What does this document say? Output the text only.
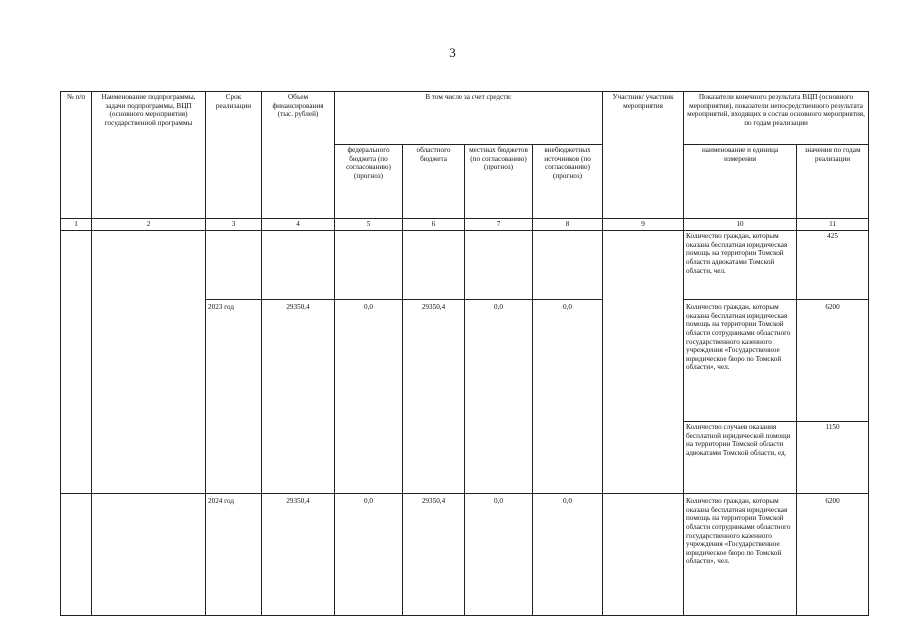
3
№ п/п	Наименование подпрограммы, задачи подпрограммы, ВЦП (основного мероприятия) государственной программы	Срок реализации	Объем финансирования (тыс. рублей)	В том числе за счет средств:				Участник/ участник мероприятия	Показатели конечного результата ВЦП (основного мероприятия), показатели непосредственного результата мероприятий, входящих в состав основного мероприятия, по годам реализации	
				федерального бюджета (по согласованию) (прогноз)	областного бюджета	местных бюджетов (по согласованию) (прогноз)	внебюджетных источников (по согласованию) (прогноз)		наименование и единица измерения	значения по годам реализации
1	2	3	4	5	6	7	8	9	10	11
									Количество граждан, которым оказана бесплатная юридическая помощь на территории Томской области адвокатами Томской области, чел.	425
		2023 год	29350,4	0,0	29350,4	0,0	0,0		Количество граждан, которым оказана бесплатная юридическая помощь на территории Томской области сотрудниками областного государственного казенного учреждения «Государственное юридическое бюро по Томской области», чел.	6200
									Количество случаев оказания бесплатной юридической помощи на территории Томской области адвокатами Томской области, ед.	1150
		2024 год	29350,4	0,0	29350,4	0,0	0,0		Количество граждан, которым оказана бесплатная юридическая помощь на территории Томской области сотрудниками областного государственного казенного учреждения «Государственное юридическое бюро по Томской области», чел.	6200
